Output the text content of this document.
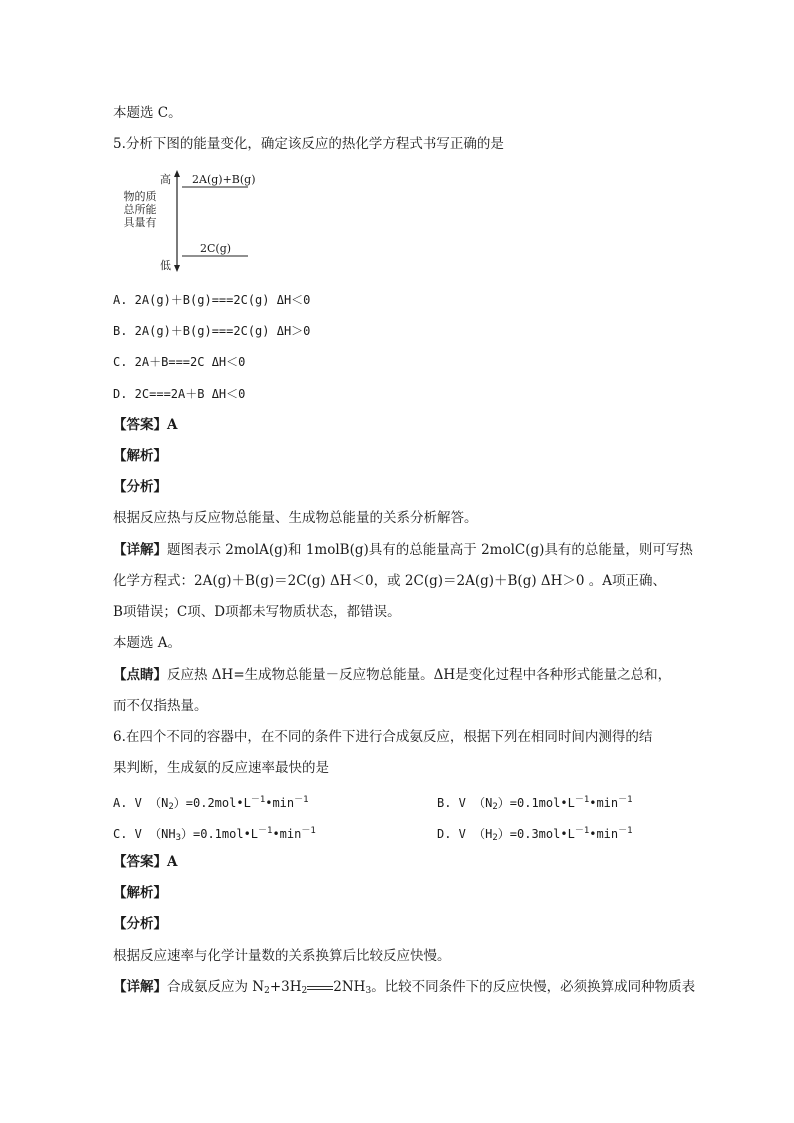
本题选 C。
5.分析下图的能量变化，确定该反应的热化学方程式书写正确的是
高
低
2A(g)+B(g)
2C(g)
物的质总所能具量有
A. 2A(g)＋B(g)===2C(g) ΔH＜0
B. 2A(g)＋B(g)===2C(g) ΔH＞0
C. 2A＋B===2C ΔH＜0
D. 2C===2A＋B ΔH＜0
【答案】A
【解析】
【分析】
根据反应热与反应物总能量、生成物总能量的关系分析解答。
【详解】题图表示 2molA(g)和 1molB(g)具有的总能量高于 2molC(g)具有的总能量，则可写热
化学方程式：2A(g)＋B(g)＝2C(g) ΔH＜0，或 2C(g)＝2A(g)＋B(g) ΔH＞0 。A项正确、
B项错误；C项、D项都未写物质状态，都错误。
本题选 A。
【点睛】反应热 ΔH=生成物总能量－反应物总能量。ΔH是变化过程中各种形式能量之总和，
而不仅指热量。
6.在四个不同的容器中，在不同的条件下进行合成氨反应，根据下列在相同时间内测得的结
果判断，生成氨的反应速率最快的是
A. V $(N_2)=0.2mol•L^{-1}•\min^{-1}$	B. V $(N_2)=0.1mol•L^{-1}•\min^{-1}$
C. V $(NH_3)=0.1mol•L^{-1}•\min^{-1}$	D. V $(H_2)=0.3mol•L^{-1}•\min^{-1}$
【答案】A
【解析】
【分析】
根据反应速率与化学计量数的关系换算后比较反应快慢。
【详解】合成氨反应为 $N_2+3H_2$ $2NH_3$。比较不同条件下的反应快慢，必须换算成同种物质表
